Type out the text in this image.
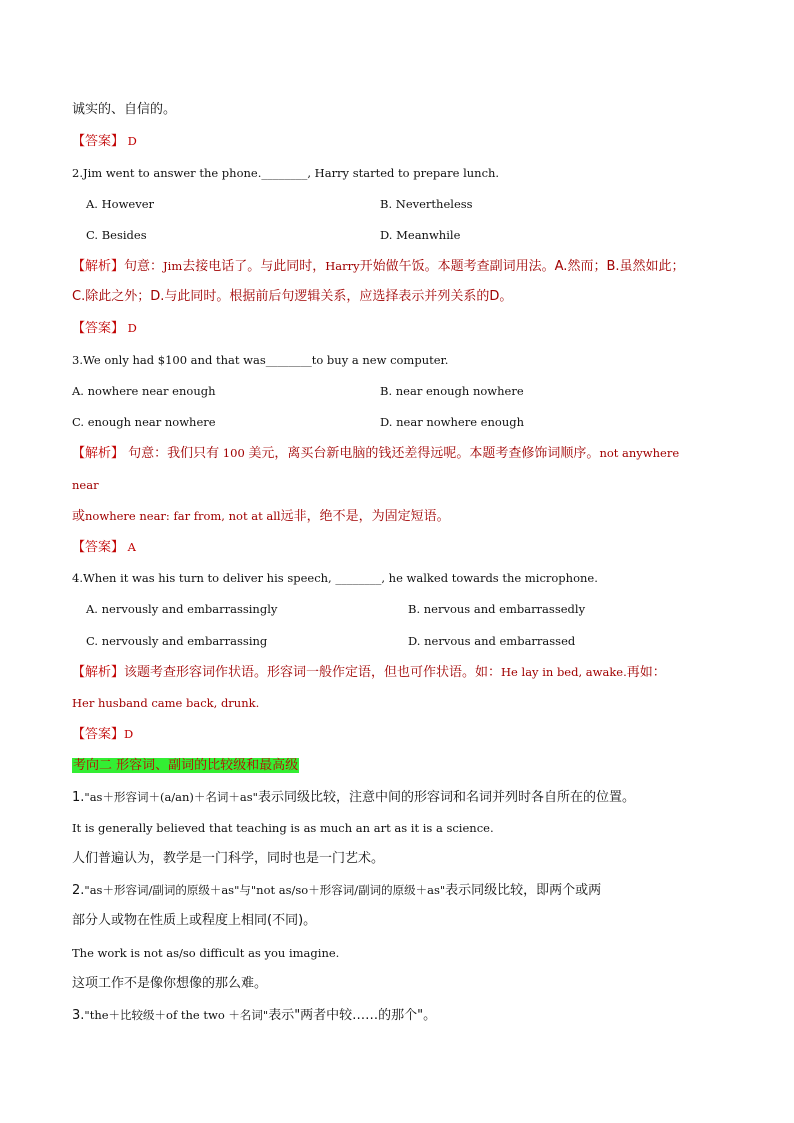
诚实的、自信的。
【答案】 D
2.Jim went to answer the phone.________, Harry started to prepare lunch.
A. However	B. Nevertheless
C. Besides	D. Meanwhile
【解析】句意：Jim去接电话了。与此同时，Harry开始做午饭。本题考查副词用法。A.然而；B.虽然如此；
C.除此之外；D.与此同时。根据前后句逻辑关系，应选择表示并列关系的D。
【答案】 D
3.We only had $100 and that was________to buy a new computer.
A. nowhere near enough	B. near enough nowhere
C. enough near nowhere	D. near nowhere enough
【解析】 句意：我们只有 100 美元，离买台新电脑的钱还差得远呢。本题考查修饰词顺序。not anywhere
near
或nowhere near: far from, not at all远非，绝不是，为固定短语。
【答案】 A
4.When it was his turn to deliver his speech, ________, he walked towards the microphone.
A. nervously and embarrassingly	B. nervous and embarrassedly
C. nervously and embarrassing	D. nervous and embarrassed
【解析】该题考查形容词作状语。形容词一般作定语，但也可作状语。如：He lay in bed, awake.再如：
Her husband came back, drunk.
【答案】D
考向二 形容词、副词的比较级和最高级
1."as＋形容词＋(a/an)＋名词＋as"表示同级比较，注意中间的形容词和名词并列时各自所在的位置。
It is generally believed that teaching is as much an art as it is a science.
人们普遍认为，教学是一门科学，同时也是一门艺术。
2."as＋形容词/副词的原级＋as"与"not as/so＋形容词/副词的原级＋as"表示同级比较，即两个或两
部分人或物在性质上或程度上相同(不同)。
The work is not as/so difficult as you imagine.
这项工作不是像你想像的那么难。
3."the＋比较级＋of the two ＋名词"表示"两者中较……的那个"。
